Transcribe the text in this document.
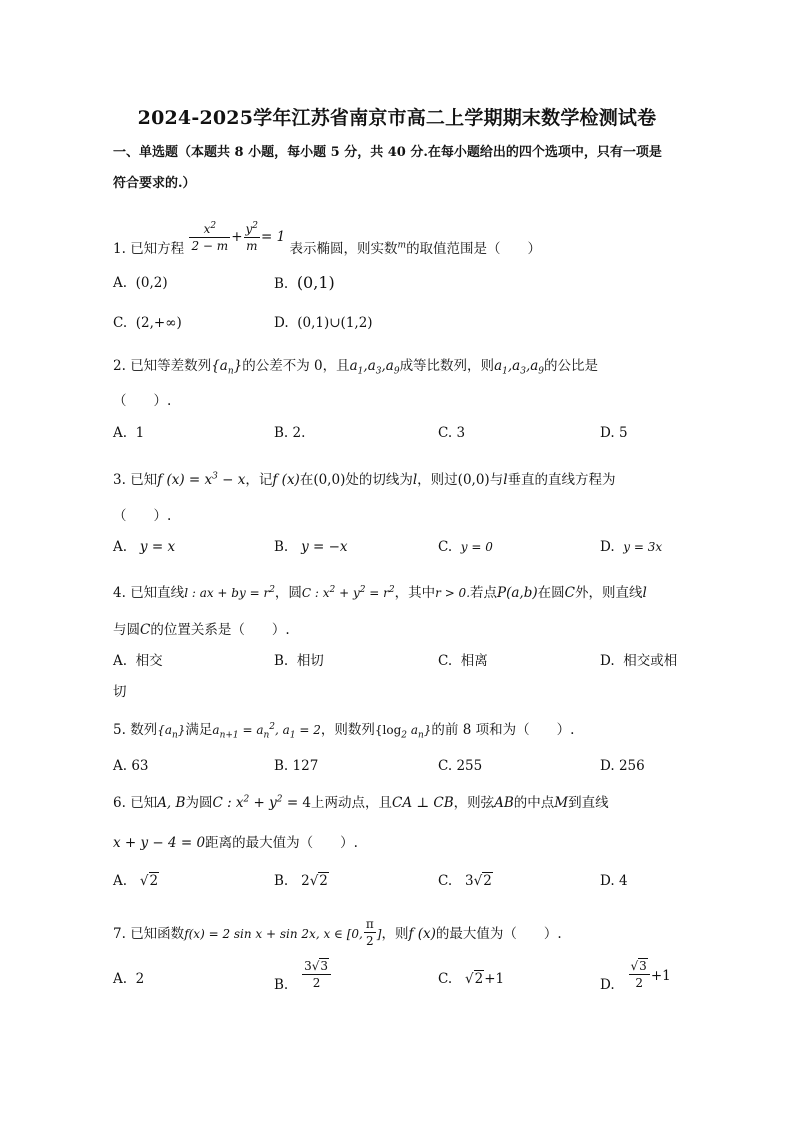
2024-2025学年江苏省南京市高二上学期期末数学检测试卷
一、单选题（本题共 8 小题，每小题 5 分，共 40 分.在每小题给出的四个选项中，只有一项是
符合要求的.）
1. 已知方程 $\frac{x^2}{2 - m} + \frac{y^2}{m} = 1$ 表示椭圆，则实数$^m$的取值范围是（　　）
A. (0,2)	B. (0,1)
C. (2,+∞)	D. (0,1)∪(1,2)
2. 已知等差数列$\{a_n\}$的公差不为 0，且$a_1,a_3,a_9$成等比数列，则$a_1,a_3,a_9$的公比是
（　　）.
A. 1	B. 2.	C. 3	D. 5
3. 已知f $(x) = x^3 - x$，记f (x)在(0,0)处的切线为l，则过(0,0)与l垂直的直线方程为
（　　）.
A. y = x	B. y = −x	C. y = 0	D. y = 3x
4. 已知直线l : ax + by = $r^2$，圆C : $x^2 + y^2 = r^2$，其中r > 0.若点P(a,b)在圆C外，则直线l
与圆C的位置关系是（　　）.
A. 相交	B. 相切	C. 相离	D. 相交或相
切
5. 数列$\{a_n\}$满足$a_{n+1} = a_n^2$, $a_1 = 2$，则数列{$\log_2$ $a_n$}的前 8 项和为（　　）.
A. 63	B. 127	C. 255	D. 256
6. 已知A, B为圆C : $x^2 + y^2 = 4$上两动点，且CA ⊥ CB，则弦AB的中点M到直线
x + y − 4 = 0距离的最大值为（　　）.
A.   √2	B. 2√2	C. 3√2	D. 4
7. 已知函数f(x) = 2 sin x + sin 2x, x ∈ [0, $\frac{\pi}{2}$ ]，则f (x)的最大值为（　　）.
A. 2	B. $\frac{3√3}{2}$	C.   √2+1	D. $\frac{√3}{2} +1$
